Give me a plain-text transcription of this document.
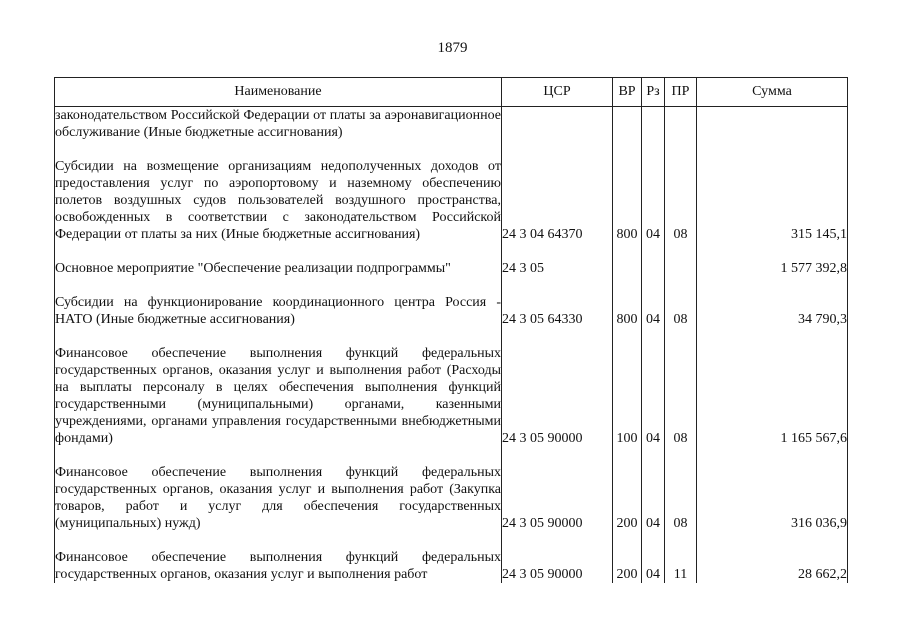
1879
Наименование	ЦСР	ВР	Рз	ПР	Сумма
законодательством Российской Федерации от платы за аэронавигационное обслуживание (Иные бюджетные ассигнования)					

Субсидии на возмещение организациям недополученных доходов от предоставления услуг по аэропортовому и наземному обеспечению полетов воздушных судов пользователей воздушного пространства, освобожденных в соответствии с законодательством Российской Федерации от платы за них (Иные бюджетные ассигнования)	24 3 04 64370	800	04	08	315 145,1

Основное мероприятие "Обеспечение реализации подпрограммы"	24 3 05				1 577 392,8

Субсидии на функционирование координационного центра Россия - НАТО (Иные бюджетные ассигнования)	24 3 05 64330	800	04	08	34 790,3

Финансовое обеспечение выполнения функций федеральных государственных органов, оказания услуг и выполнения работ (Расходы на выплаты персоналу в целях обеспечения выполнения функций государственными (муниципальными) органами, казенными учреждениями, органами управления государственными внебюджетными фондами)	24 3 05 90000	100	04	08	1 165 567,6

Финансовое обеспечение выполнения функций федеральных государственных органов, оказания услуг и выполнения работ (Закупка товаров, работ и услуг для обеспечения государственных (муниципальных) нужд)	24 3 05 90000	200	04	08	316 036,9

Финансовое обеспечение выполнения функций федеральных государственных органов, оказания услуг и выполнения работ	24 3 05 90000	200	04	11	28 662,2
